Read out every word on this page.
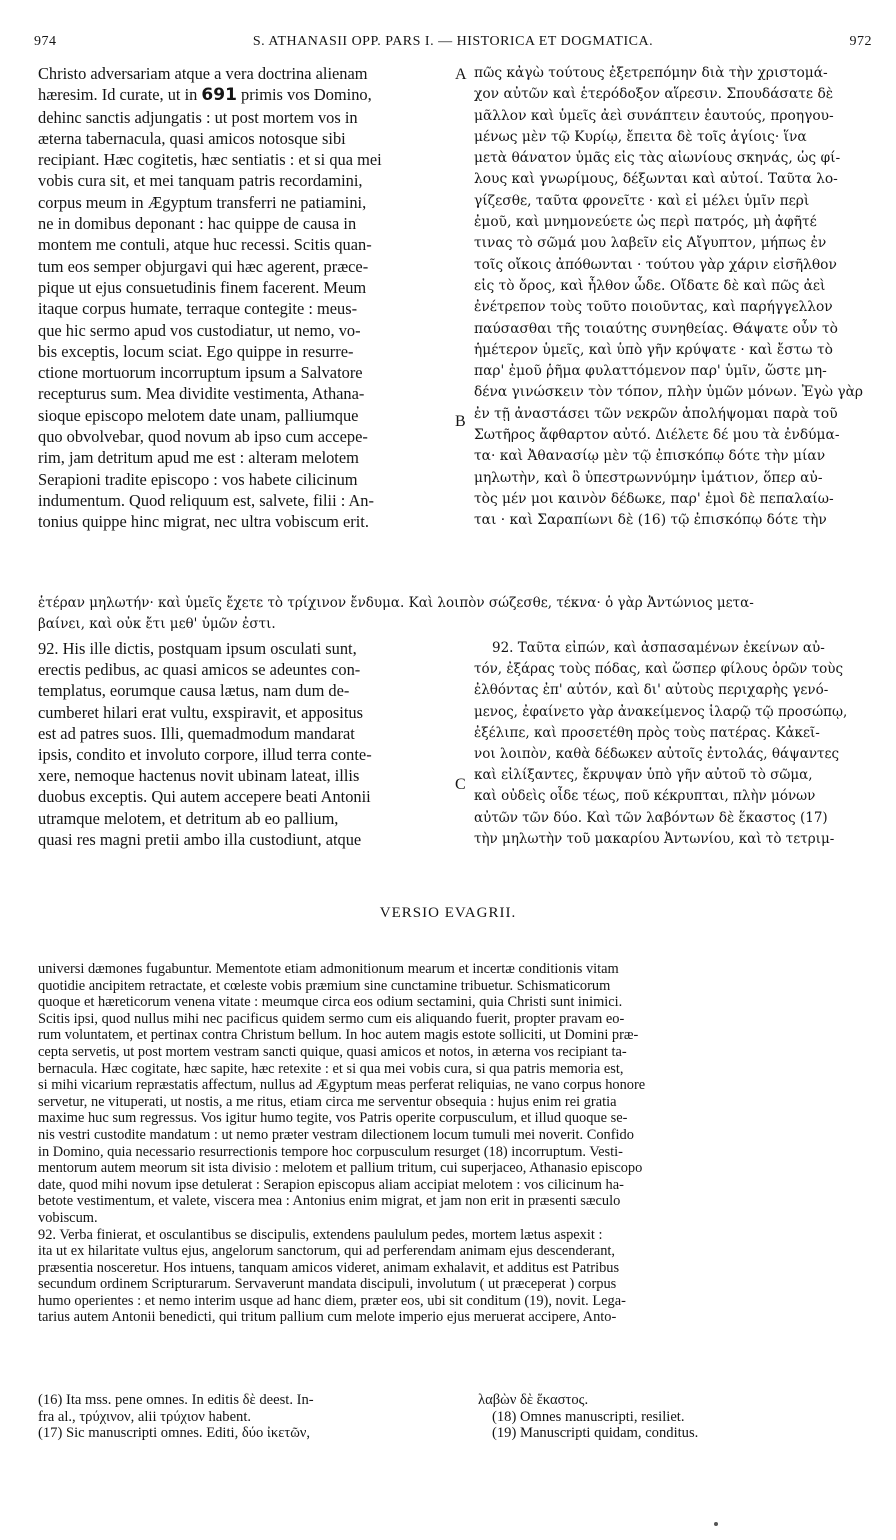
974	S. ATHANASII OPP. PARS I. — HISTORICA ET DOGMATICA.	972
Christo adversariam atque a vera doctrina alienam
hæresim. Id curate, ut in 691 primis vos Domino,
dehinc sanctis adjungatis : ut post mortem vos in
æterna tabernacula, quasi amicos notosque sibi
recipiant. Hæc cogitetis, hæc sentiatis : et si qua mei
vobis cura sit, et mei tanquam patris recordamini,
corpus meum in Ægyptum transferri ne patiamini,
ne in domibus deponant : hac quippe de causa in
montem me contuli, atque huc recessi. Scitis quan-
tum eos semper objurgavi qui hæc agerent, præce-
pique ut ejus consuetudinis finem facerent. Meum
itaque corpus humate, terraque contegite : meus-
que hic sermo apud vos custodiatur, ut nemo, vo-
bis exceptis, locum sciat. Ego quippe in resurre-
ctione mortuorum incorruptum ipsum a Salvatore
recepturus sum. Mea dividite vestimenta, Athana-
sioque episcopo melotem date unam, palliumque
quo obvolvebar, quod novum ab ipso cum accepe-
rim, jam detritum apud me est : alteram melotem
Serapioni tradite episcopo : vos habete cilicinum
indumentum. Quod reliquum est, salvete, filii : An-
tonius quippe hinc migrat, nec ultra vobiscum erit.
A
B
C
πῶς κἀγὼ τούτους ἐξετρεπόμην διὰ τὴν χριστομά-
χον αὐτῶν καὶ ἑτερόδοξον αἵρεσιν. Σπουδάσατε δὲ
μᾶλλον καὶ ὑμεῖς ἀεὶ συνάπτειν ἑαυτούς, προηγου-
μένως μὲν τῷ Κυρίῳ, ἔπειτα δὲ τοῖς ἁγίοις· ἵνα
μετὰ θάνατον ὑμᾶς εἰς τὰς αἰωνίους σκηνάς, ὡς φί-
λους καὶ γνωρίμους, δέξωνται καὶ αὐτοί. Ταῦτα λο-
γίζεσθε, ταῦτα φρονεῖτε · καὶ εἰ μέλει ὑμῖν περὶ
ἐμοῦ, καὶ μνημονεύετε ὡς περὶ πατρός, μὴ ἀφῆτέ
τινας τὸ σῶμά μου λαβεῖν εἰς Αἴγυπτον, μήπως ἐν
τοῖς οἴκοις ἀπόθωνται · τούτου γὰρ χάριν εἰσῆλθον
εἰς τὸ ὄρος, καὶ ἦλθον ὧδε. Οἴδατε δὲ καὶ πῶς ἀεὶ
ἐνέτρεπον τοὺς τοῦτο ποιοῦντας, καὶ παρήγγελλον
παύσασθαι τῆς τοιαύτης συνηθείας. Θάψατε οὖν τὸ
ἡμέτερον ὑμεῖς, καὶ ὑπὸ γῆν κρύψατε · καὶ ἔστω τὸ
παρ' ἐμοῦ ῥῆμα φυλαττόμενον παρ' ὑμῖν, ὥστε μη-
δένα γινώσκειν τὸν τόπον, πλὴν ὑμῶν μόνων. Ἐγὼ γὰρ
ἐν τῇ ἀναστάσει τῶν νεκρῶν ἀπολήψομαι παρὰ τοῦ
Σωτῆρος ἄφθαρτον αὐτό. Διέλετε δέ μου τὰ ἐνδύμα-
τα· καὶ Ἀθανασίῳ μὲν τῷ ἐπισκόπῳ δότε τὴν μίαν
μηλωτὴν, καὶ ὃ ὑπεστρωννύμην ἱμάτιον, ὅπερ αὐ-
τὸς μέν μοι καινὸν δέδωκε, παρ' ἐμοὶ δὲ πεπαλαίω-
ται · καὶ Σαραπίωνι δὲ (16) τῷ ἐπισκόπῳ δότε τὴν
ἑτέραν μηλωτήν· καὶ ὑμεῖς ἔχετε τὸ τρίχινον ἔνδυμα. Καὶ λοιπὸν σώζεσθε, τέκνα· ὁ γὰρ Ἀντώνιος μετα-
βαίνει, καὶ οὐκ ἔτι μεθ' ὑμῶν ἐστι.
92. His ille dictis, postquam ipsum osculati sunt,
erectis pedibus, ac quasi amicos se adeuntes con-
templatus, eorumque causa lætus, nam dum de-
cumberet hilari erat vultu, exspiravit, et appositus
est ad patres suos. Illi, quemadmodum mandarat
ipsis, condito et involuto corpore, illud terra conte-
xere, nemoque hactenus novit ubinam lateat, illis
duobus exceptis. Qui autem accepere beati Antonii
utramque melotem, et detritum ab eo pallium,
quasi res magni pretii ambo illa custodiunt, atque
92. Ταῦτα εἰπών, καὶ ἀσπασαμένων ἐκείνων αὐ-
τόν, ἐξάρας τοὺς πόδας, καὶ ὥσπερ φίλους ὁρῶν τοὺς
ἐλθόντας ἐπ' αὐτόν, καὶ δι' αὐτοὺς περιχαρὴς γενό-
μενος, ἐφαίνετο γὰρ ἀνακείμενος ἱλαρῷ τῷ προσώπῳ,
ἐξέλιπε, καὶ προσετέθη πρὸς τοὺς πατέρας. Κἀκεῖ-
νοι λοιπὸν, καθὰ δέδωκεν αὐτοῖς ἐντολάς, θάψαντες
καὶ εἰλίξαντες, ἔκρυψαν ὑπὸ γῆν αὐτοῦ τὸ σῶμα,
καὶ οὐδεὶς οἶδε τέως, ποῦ κέκρυπται, πλὴν μόνων
αὐτῶν τῶν δύο. Καὶ τῶν λαβόντων δὲ ἕκαστος (17)
τὴν μηλωτὴν τοῦ μακαρίου Ἀντωνίου, καὶ τὸ τετριμ-
VERSIO EVAGRII.
universi dæmones fugabuntur. Mementote etiam admonitionum mearum et incertæ conditionis vitam
quotidie ancipitem retractate, et cœleste vobis præmium sine cunctamine tribuetur. Schismaticorum
quoque et hæreticorum venena vitate : meumque circa eos odium sectamini, quia Christi sunt inimici.
Scitis ipsi, quod nullus mihi nec pacificus quidem sermo cum eis aliquando fuerit, propter pravam eo-
rum voluntatem, et pertinax contra Christum bellum. In hoc autem magis estote solliciti, ut Domini præ-
cepta servetis, ut post mortem vestram sancti quique, quasi amicos et notos, in æterna vos recipiant ta-
bernacula. Hæc cogitate, hæc sapite, hæc retexite : et si qua mei vobis cura, si qua patris memoria est,
si mihi vicarium repræstatis affectum, nullus ad Ægyptum meas perferat reliquias, ne vano corpus honore
servetur, ne vituperati, ut nostis, a me ritus, etiam circa me serventur obsequia : hujus enim rei gratia
maxime huc sum regressus. Vos igitur humo tegite, vos Patris operite corpusculum, et illud quoque se-
nis vestri custodite mandatum : ut nemo præter vestram dilectionem locum tumuli mei noverit. Confido
in Domino, quia necessario resurrectionis tempore hoc corpusculum resurget (18) incorruptum. Vesti-
mentorum autem meorum sit ista divisio : melotem et pallium tritum, cui superjaceo, Athanasio episcopo
date, quod mihi novum ipse detulerat : Serapion episcopus aliam accipiat melotem : vos cilicinum ha-
betote vestimentum, et valete, viscera mea : Antonius enim migrat, et jam non erit in præsenti sæculo
vobiscum.
92. Verba finierat, et osculantibus se discipulis, extendens paululum pedes, mortem lætus aspexit :
ita ut ex hilaritate vultus ejus, angelorum sanctorum, qui ad perferendam animam ejus descenderant,
præsentia nosceretur. Hos intuens, tanquam amicos videret, animam exhalavit, et additus est Patribus
secundum ordinem Scripturarum. Servaverunt mandata discipuli, involutum ( ut præceperat ) corpus
humo operientes : et nemo interim usque ad hanc diem, præter eos, ubi sit conditum (19), novit. Lega-
tarius autem Antonii benedicti, qui tritum pallium cum melote imperio ejus meruerat accipere, Anto-
(16) Ita mss. pene omnes. In editis δὲ deest. In-
fra al., τρύχινον, alii τρύχιον habent.
(17) Sic manuscripti omnes. Editi, δύο ἰκετῶν,
λαβὼν δὲ ἕκαστος.
(18) Omnes manuscripti, resiliet.
(19) Manuscripti quidam, conditus.
